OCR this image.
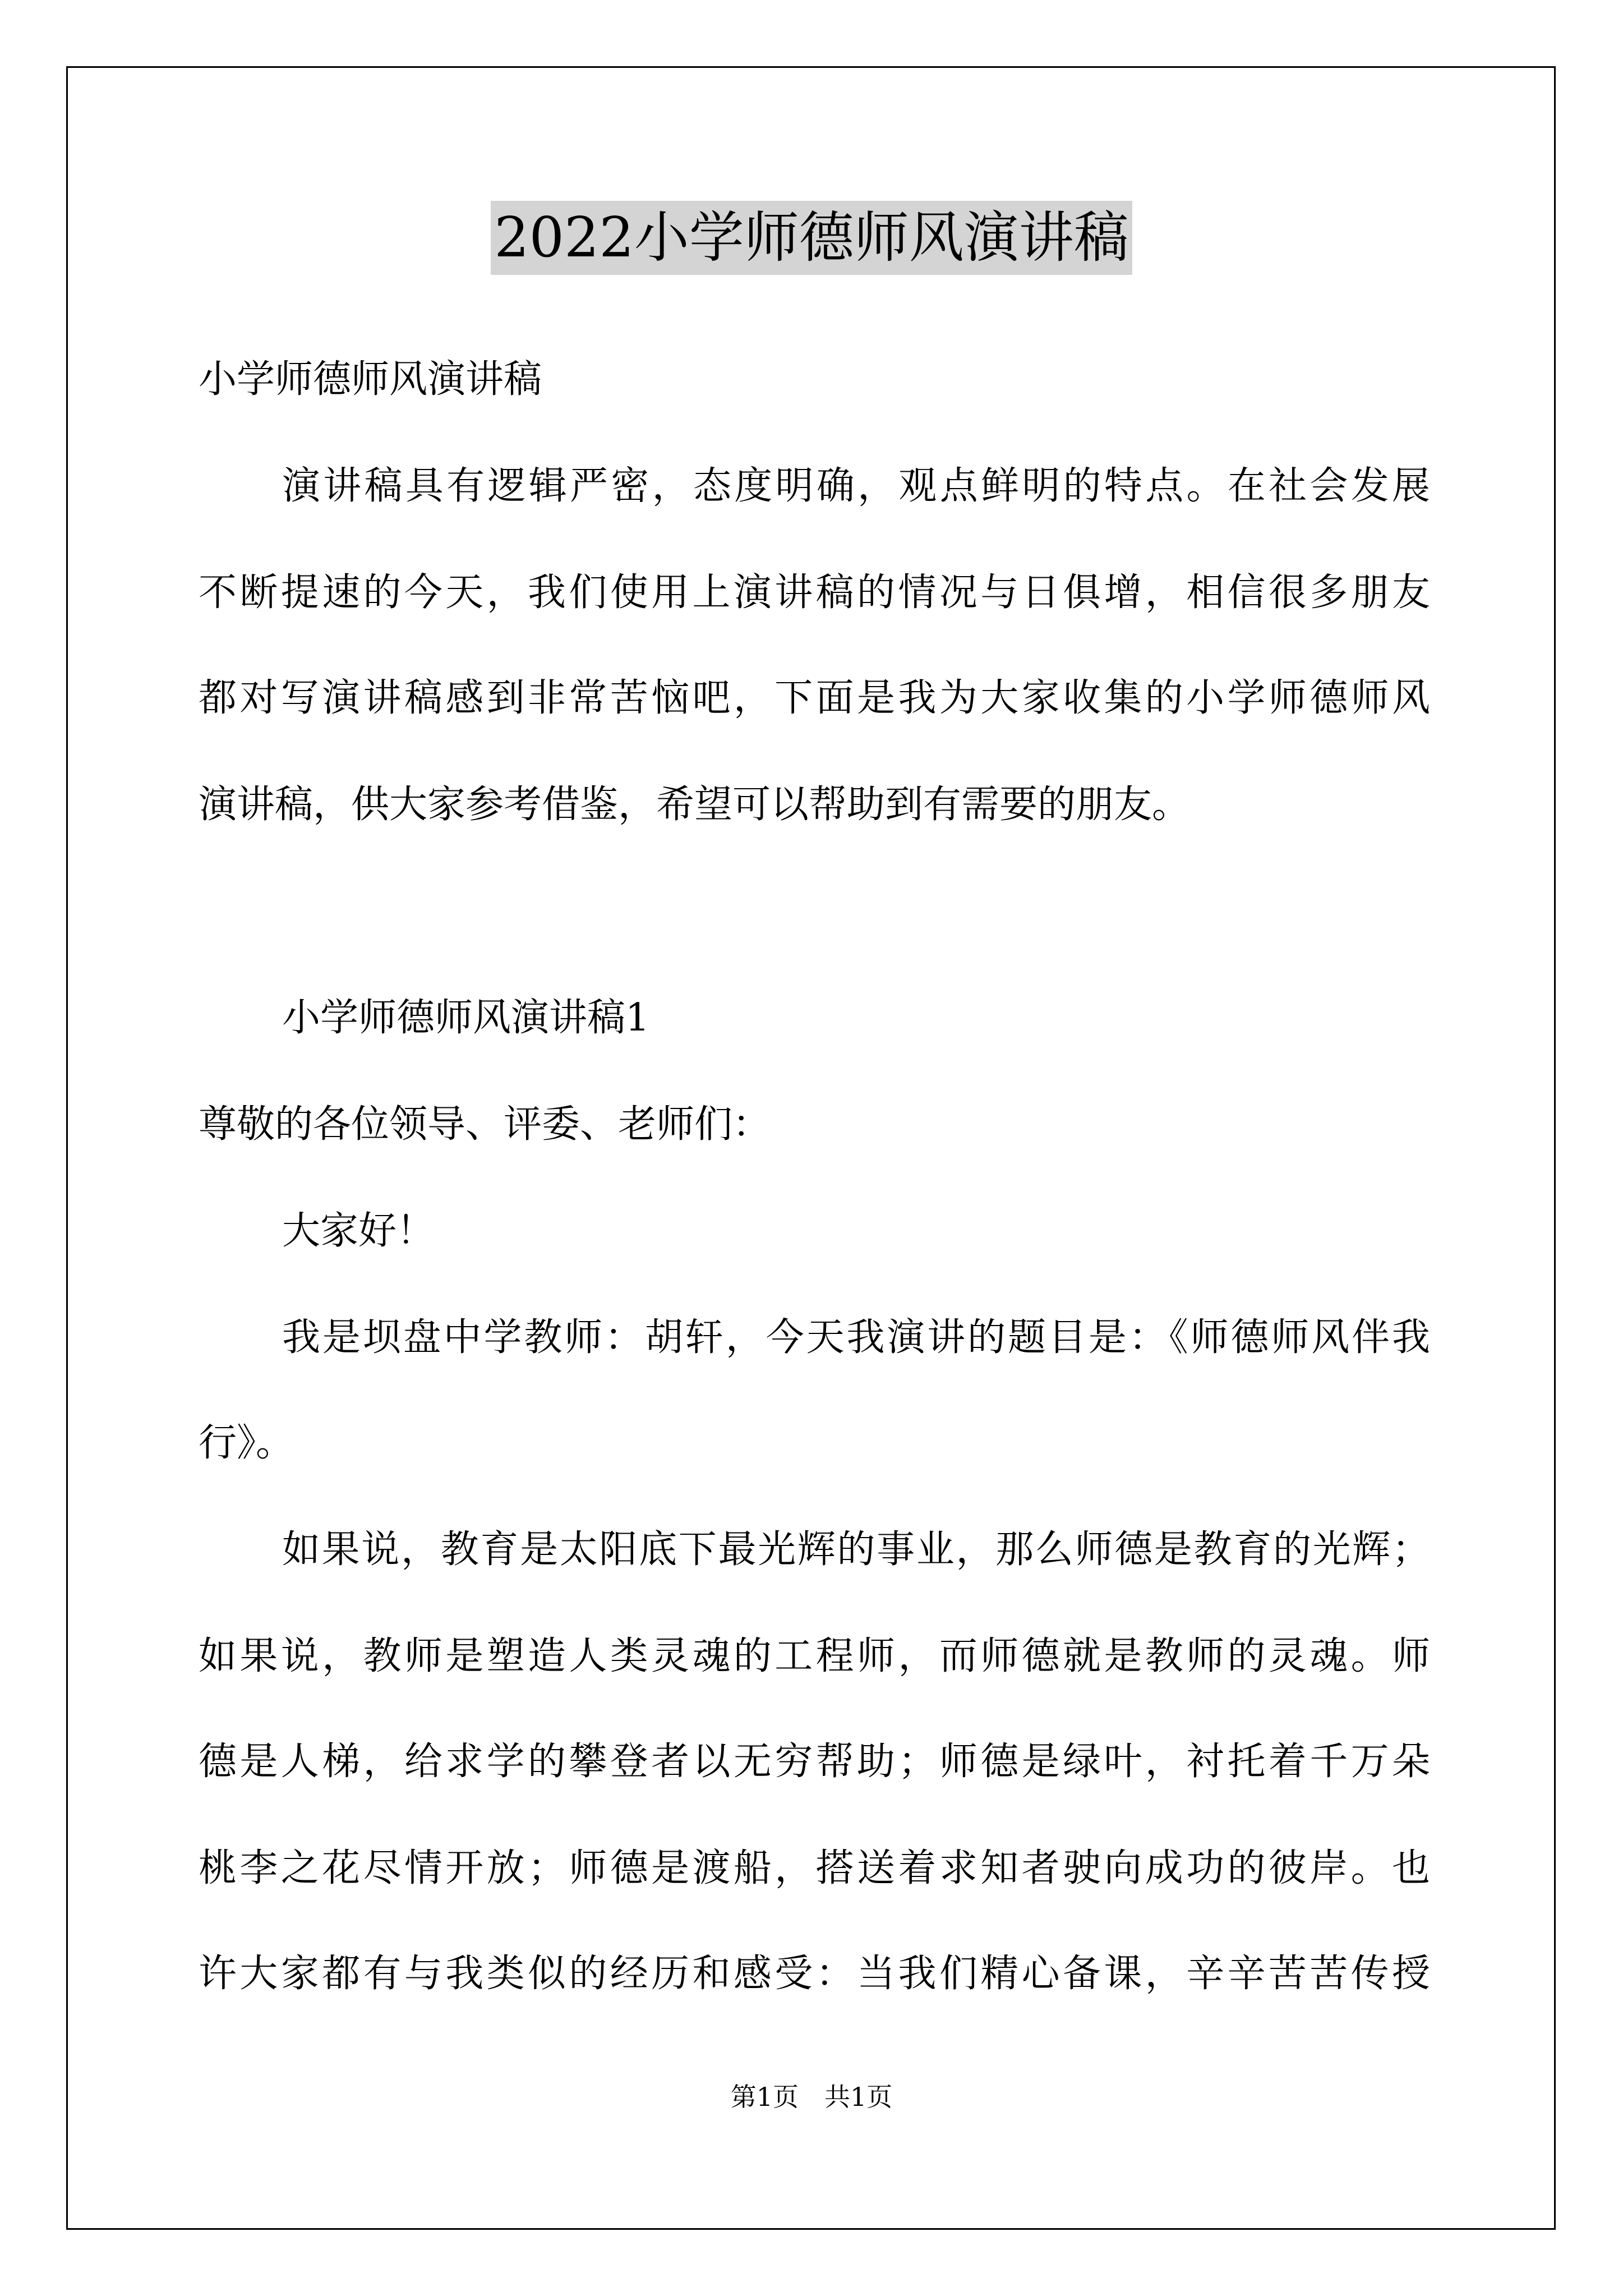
2022小学师德师风演讲稿
小学师德师风演讲稿
演讲稿具有逻辑严密，态度明确，观点鲜明的特点。在社会发展
不断提速的今天，我们使用上演讲稿的情况与日俱增，相信很多朋友
都对写演讲稿感到非常苦恼吧，下面是我为大家收集的小学师德师风
演讲稿，供大家参考借鉴，希望可以帮助到有需要的朋友。
小学师德师风演讲稿1
尊敬的各位领导、评委、老师们：
大家好！
我是坝盘中学教师：胡轩，今天我演讲的题目是：《师德师风伴我
行》。
如果说，教育是太阳底下最光辉的事业，那么师德是教育的光辉；
如果说，教师是塑造人类灵魂的工程师，而师德就是教师的灵魂。师
德是人梯，给求学的攀登者以无穷帮助；师德是绿叶，衬托着千万朵
桃李之花尽情开放；师德是渡船，搭送着求知者驶向成功的彼岸。也
许大家都有与我类似的经历和感受：当我们精心备课，辛辛苦苦传授
第1页　共1页
